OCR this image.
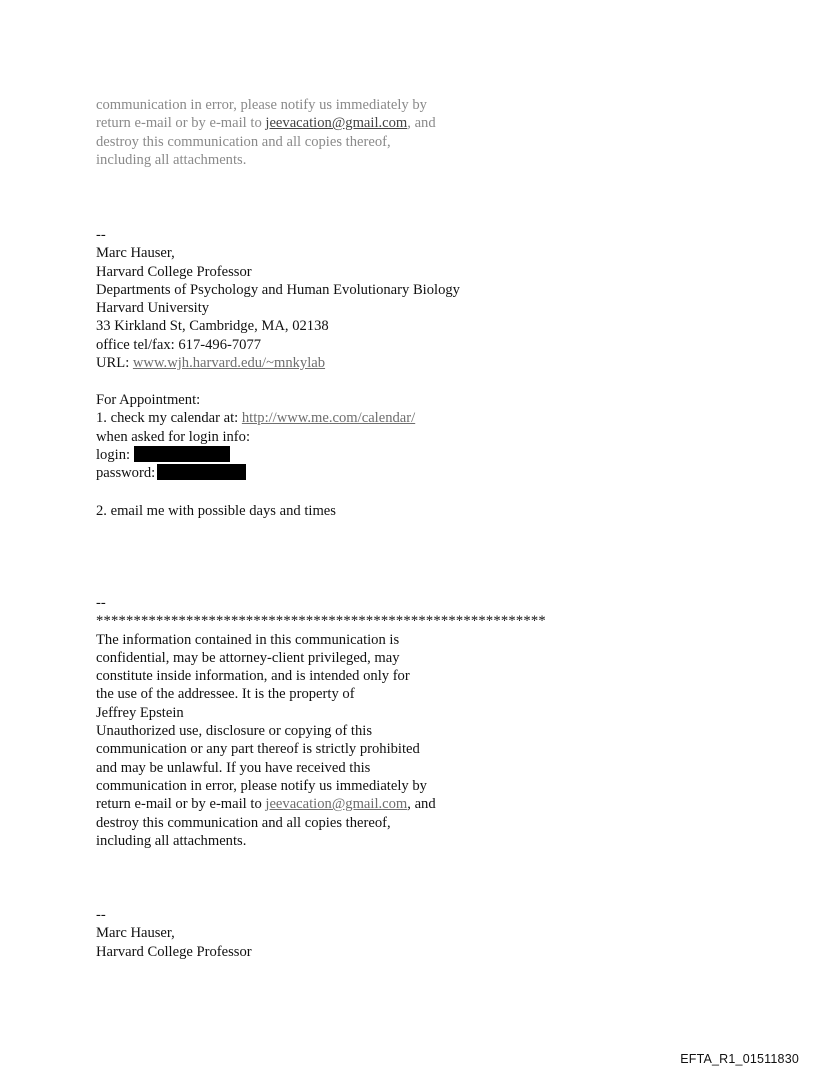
communication in error, please notify us immediately by
return e-mail or by e-mail to jeevacation@gmail.com, and
destroy this communication and all copies thereof,
including all attachments.
--
Marc Hauser,
Harvard College Professor
Departments of Psychology and Human Evolutionary Biology
Harvard University
33 Kirkland St, Cambridge, MA, 02138
office tel/fax: 617-496-7077
URL: www.wjh.harvard.edu/~mnkylab
For Appointment:
1. check my calendar at: http://www.me.com/calendar/
when asked for login info:
login:
password:
2. email me with possible days and times
--
************************************************************
The information contained in this communication is
confidential, may be attorney-client privileged, may
constitute inside information, and is intended only for
the use of the addressee. It is the property of
Jeffrey Epstein
Unauthorized use, disclosure or copying of this
communication or any part thereof is strictly prohibited
and may be unlawful. If you have received this
communication in error, please notify us immediately by
return e-mail or by e-mail to jeevacation@gmail.com, and
destroy this communication and all copies thereof,
including all attachments.
--
Marc Hauser,
Harvard College Professor
EFTA_R1_01511830
